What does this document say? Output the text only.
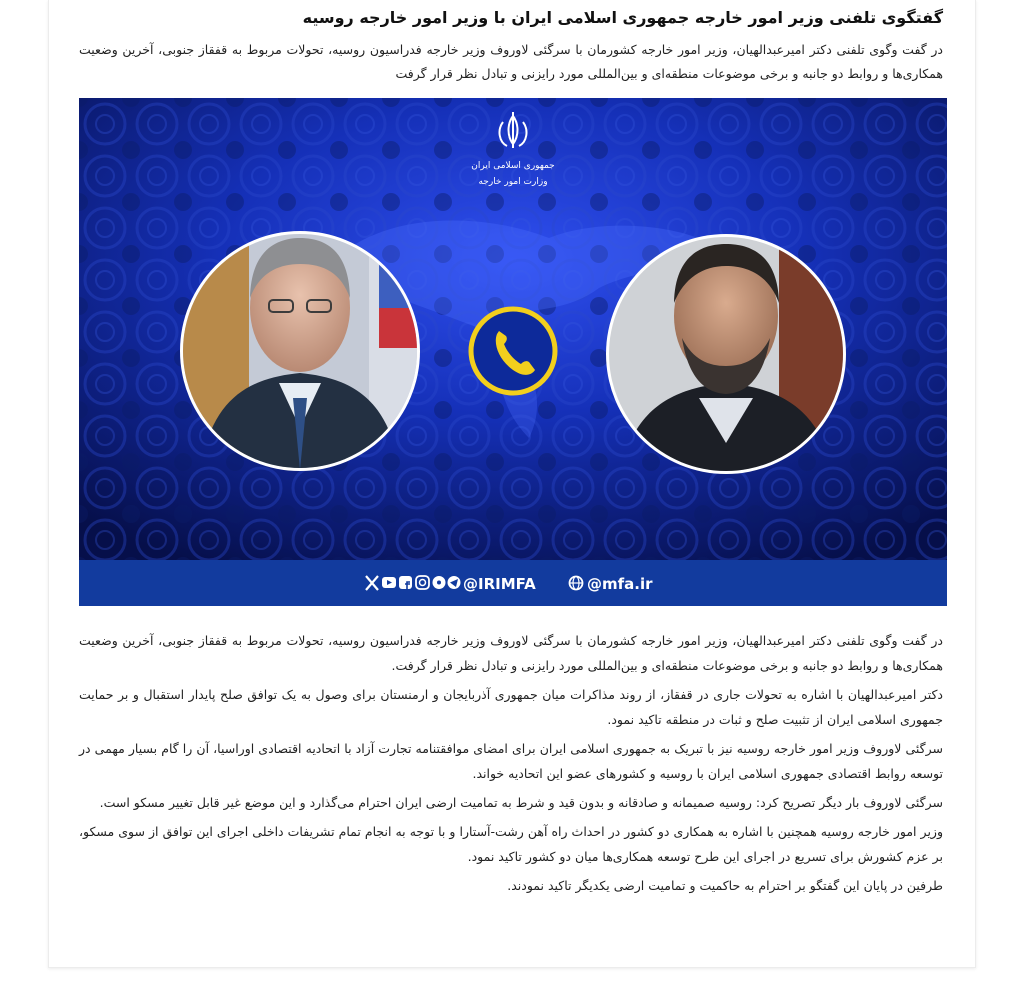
گفتگوی تلفنی وزیر امور خارجه جمهوری اسلامی ایران با وزیر امور خارجه روسیه

در گفت وگوی تلفنی دکتر امیرعبدالهیان، وزیر امور خارجه کشورمان با سرگئی لاوروف وزیر خارجه فدراسیون روسیه، تحولات مربوط به قفقاز جنوبی، آخرین وضعیت همکاری‌ها و روابط دو جانبه و برخی موضوعات منطقه‌ای و بین‌المللی مورد رایزنی و تبادل نظر قرار گرفت

جمهوری اسلامی ایران
وزارت امور خارجه
@mfa.ir
@IRIMFA

در گفت وگوی تلفنی دکتر امیرعبدالهیان، وزیر امور خارجه کشورمان با سرگئی لاوروف وزیر خارجه فدراسیون روسیه، تحولات مربوط به قفقاز جنوبی، آخرین وضعیت همکاری‌ها و روابط دو جانبه و برخی موضوعات منطقه‌ای و بین‌المللی مورد رایزنی و تبادل نظر قرار گرفت.

دکتر امیرعبدالهیان با اشاره به تحولات جاری در قفقاز، از روند مذاکرات میان جمهوری آذربایجان و ارمنستان برای وصول به یک توافق صلح پایدار استقبال و بر حمایت جمهوری اسلامی ایران از تثبیت صلح و ثبات در منطقه تاکید نمود.

سرگئی لاوروف وزیر امور خارجه روسیه نیز با تبریک به جمهوری اسلامی ایران برای امضای موافقتنامه تجارت آزاد با اتحادیه اقتصادی اوراسیا، آن را گام بسیار مهمی در توسعه روابط اقتصادی جمهوری اسلامی ایران با روسیه و کشورهای عضو این اتحادیه خواند.

سرگئی لاوروف بار دیگر تصریح کرد: روسیه صمیمانه و صادقانه و بدون قید و شرط به تمامیت ارضی ایران احترام می‌گذارد و این موضع غیر قابل تغییر مسکو است.

وزیر امور خارجه روسیه همچنین با اشاره به همکاری دو کشور در احداث راه آهن رشت-آستارا و با توجه به انجام تمام تشریفات داخلی اجرای این توافق از سوی مسکو، بر عزم کشورش برای تسریع در اجرای این طرح توسعه همکاری‌ها میان دو کشور تاکید نمود.

طرفین در پایان این گفتگو بر احترام به حاکمیت و تمامیت ارضی یکدیگر تاکید نمودند.
